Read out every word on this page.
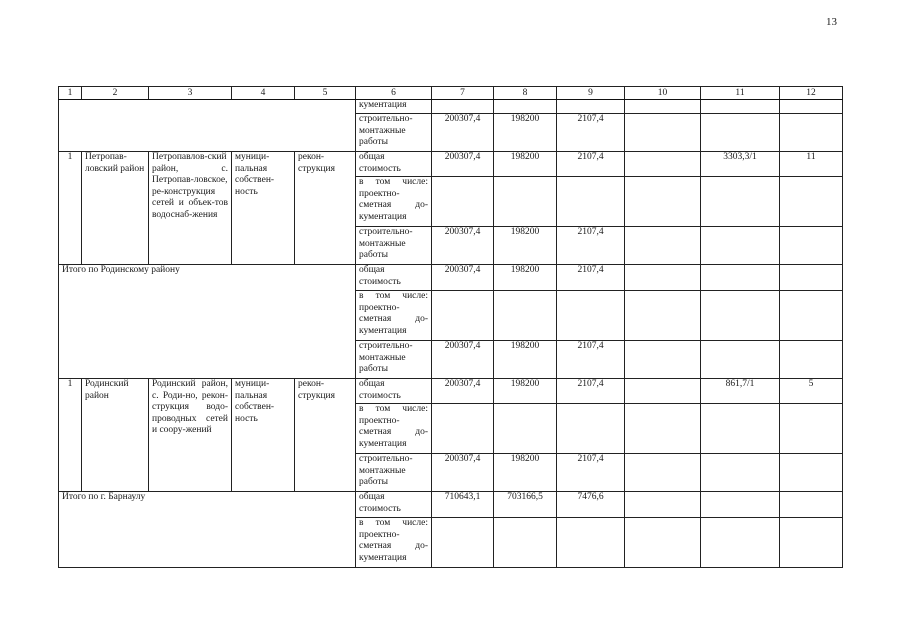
13
1	2	3	4	5	6	7	8	9	10	11	12
					кументация						
					строительно-монтажные работы	200307,4	198200	2107,4			
1	Петропав-ловский район	Петропавлов-ский район, с. Петропав-ловское, ре-конструкция сетей и объек-тов водоснаб-жения	муници-пальная собствен-ность	рекон-струкция	общая стоимость	200307,4	198200	2107,4		3303,3/1	11
					в том числе: проектно-сметная до-кументация						
					строительно-монтажные работы	200307,4	198200	2107,4			
Итого по Родинскому району					общая стоимость	200307,4	198200	2107,4			
					в том числе: проектно-сметная до-кументация						
					строительно-монтажные работы	200307,4	198200	2107,4			
1	Родинский район	Родинский район, с. Роди-но, рекон-струкция водо-проводных сетей и соору-жений	муници-пальная собствен-ность	рекон-струкция	общая стоимость	200307,4	198200	2107,4		861,7/1	5
					в том числе: проектно-сметная до-кументация						
					строительно-монтажные работы	200307,4	198200	2107,4			
Итого по г. Барнаулу					общая стоимость	710643,1	703166,5	7476,6			
					в том числе: проектно-сметная до-кументация						
